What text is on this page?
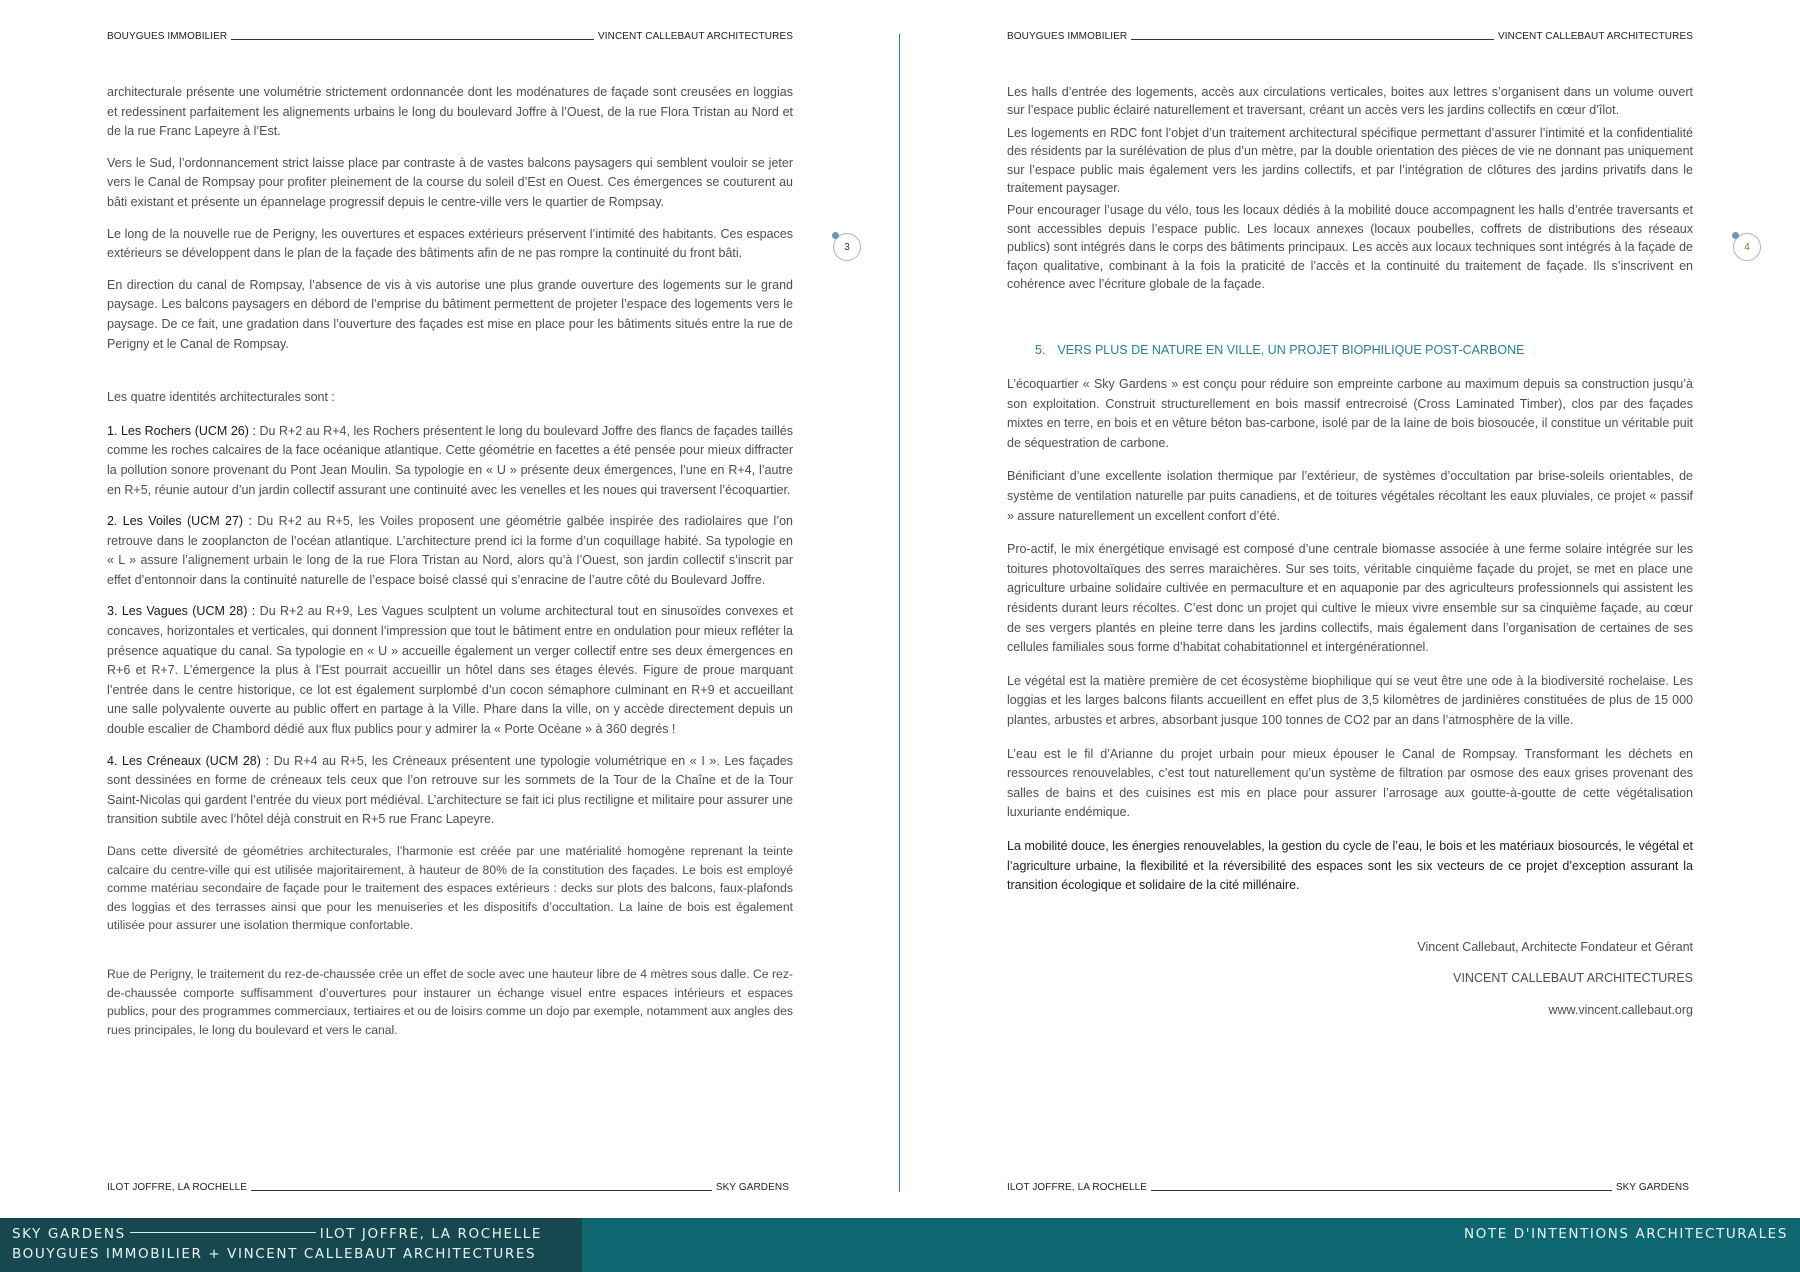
BOUYGUES IMMOBILIER	VINCENT CALLEBAUT ARCHITECTURES

architecturale présente une volumétrie strictement ordonnancée dont les modénatures de façade sont creusées en loggias et redessinent parfaitement les alignements urbains le long du boulevard Joffre à l’Ouest, de la rue Flora Tristan au Nord et de la rue Franc Lapeyre à l’Est.

Vers le Sud, l’ordonnancement strict laisse place par contraste à de vastes balcons paysagers qui semblent vouloir se jeter vers le Canal de Rompsay pour profiter pleinement de la course du soleil d’Est en Ouest. Ces émergences se couturent au bâti existant et présente un épannelage progressif depuis le centre-ville vers le quartier de Rompsay.

Le long de la nouvelle rue de Perigny, les ouvertures et espaces extérieurs préservent l’intimité des habitants. Ces espaces extérieurs se développent dans le plan de la façade des bâtiments afin de ne pas rompre la continuité du front bâti.

En direction du canal de Rompsay, l’absence de vis à vis autorise une plus grande ouverture des logements sur le grand paysage. Les balcons paysagers en débord de l’emprise du bâtiment permettent de projeter l’espace des logements vers le paysage. De ce fait, une gradation dans l’ouverture des façades est mise en place pour les bâtiments situés entre la rue de Perigny et le Canal de Rompsay.

Les quatre identités architecturales sont :

1. Les Rochers (UCM 26) : Du R+2 au R+4, les Rochers présentent le long du boulevard Joffre des flancs de façades taillés comme les roches calcaires de la face océanique atlantique. Cette géométrie en facettes a été pensée pour mieux diffracter la pollution sonore provenant du Pont Jean Moulin. Sa typologie en « U » présente deux émergences, l’une en R+4, l’autre en R+5, réunie autour d’un jardin collectif assurant une continuité avec les venelles et les noues qui traversent l’écoquartier.

2. Les Voiles (UCM 27) : Du R+2 au R+5, les Voiles proposent une géométrie galbée inspirée des radiolaires que l’on retrouve dans le zooplancton de l’océan atlantique. L’architecture prend ici la forme d’un coquillage habité. Sa typologie en « L » assure l’alignement urbain le long de la rue Flora Tristan au Nord, alors qu’à l’Ouest, son jardin collectif s’inscrit par effet d’entonnoir dans la continuité naturelle de l’espace boisé classé qui s’enracine de l’autre côté du Boulevard Joffre.

3. Les Vagues (UCM 28) : Du R+2 au R+9, Les Vagues sculptent un volume architectural tout en sinusoïdes convexes et concaves, horizontales et verticales, qui donnent l’impression que tout le bâtiment entre en ondulation pour mieux refléter la présence aquatique du canal. Sa typologie en « U » accueille également un verger collectif entre ses deux émergences en R+6 et R+7. L’émergence la plus à l’Est pourrait accueillir un hôtel dans ses étages élevés. Figure de proue marquant l’entrée dans le centre historique, ce lot est également surplombé d’un cocon sémaphore culminant en R+9 et accueillant une salle polyvalente ouverte au public offert en partage à la Ville. Phare dans la ville, on y accède directement depuis un double escalier de Chambord dédié aux flux publics pour y admirer la « Porte Océane » à 360 degrés !

4. Les Créneaux (UCM 28) : Du R+4 au R+5, les Créneaux présentent une typologie volumétrique en « I ». Les façades sont dessinées en forme de créneaux tels ceux que l’on retrouve sur les sommets de la Tour de la Chaîne et de la Tour Saint-Nicolas qui gardent l’entrée du vieux port médiéval. L’architecture se fait ici plus rectiligne et militaire pour assurer une transition subtile avec l’hôtel déjà construit en R+5 rue Franc Lapeyre.

Dans cette diversité de géométries architecturales, l’harmonie est créée par une matérialité homogène reprenant la teinte calcaire du centre-ville qui est utilisée majoritairement, à hauteur de 80% de la constitution des façades. Le bois est employé comme matériau secondaire de façade pour le traitement des espaces extérieurs : decks sur plots des balcons, faux-plafonds des loggias et des terrasses ainsi que pour les menuiseries et les dispositifs d’occultation. La laine de bois est également utilisée pour assurer une isolation thermique confortable.

Rue de Perigny, le traitement du rez-de-chaussée crée un effet de socle avec une hauteur libre de 4 mètres sous dalle. Ce rez-de-chaussée comporte suffisamment d’ouvertures pour instaurer un échange visuel entre espaces intérieurs et espaces publics, pour des programmes commerciaux, tertiaires et ou de loisirs comme un dojo par exemple, notamment aux angles des rues principales, le long du boulevard et vers le canal.

3
ILOT JOFFRE, LA ROCHELLE	SKY GARDENS
BOUYGUES IMMOBILIER	VINCENT CALLEBAUT ARCHITECTURES

Les halls d’entrée des logements, accès aux circulations verticales, boites aux lettres s’organisent dans un volume ouvert sur l’espace public éclairé naturellement et traversant, créant un accès vers les jardins collectifs en cœur d’îlot.

Les logements en RDC font l’objet d’un traitement architectural spécifique permettant d’assurer l’intimité et la confidentialité des résidents par la surélévation de plus d’un mètre, par la double orientation des pièces de vie ne donnant pas uniquement sur l’espace public mais également vers les jardins collectifs, et par l’intégration de clôtures des jardins privatifs dans le traitement paysager.

Pour encourager l’usage du vélo, tous les locaux dédiés à la mobilité douce accompagnent les halls d’entrée traversants et sont accessibles depuis l’espace public. Les locaux annexes (locaux poubelles, coffrets de distributions des réseaux publics) sont intégrés dans le corps des bâtiments principaux. Les accès aux locaux techniques sont intégrés à la façade de façon qualitative, combinant à la fois la praticité de l’accès et la continuité du traitement de façade. Ils s’inscrivent en cohérence avec l’écriture globale de la façade.

5. VERS PLUS DE NATURE EN VILLE, UN PROJET BIOPHILIQUE POST-CARBONE

L’écoquartier « Sky Gardens » est conçu pour réduire son empreinte carbone au maximum depuis sa construction jusqu’à son exploitation. Construit structurellement en bois massif entrecroisé (Cross Laminated Timber), clos par des façades mixtes en terre, en bois et en vêture béton bas-carbone, isolé par de la laine de bois biosoucée, il constitue un véritable puit de séquestration de carbone.

Bénificiant d’une excellente isolation thermique par l’extérieur, de systèmes d’occultation par brise-soleils orientables, de système de ventilation naturelle par puits canadiens, et de toitures végétales récoltant les eaux pluviales, ce projet « passif » assure naturellement un excellent confort d’été.

Pro-actif, le mix énergétique envisagé est composé d’une centrale biomasse associée à une ferme solaire intégrée sur les toitures photovoltaïques des serres maraichères. Sur ses toits, véritable cinquième façade du projet, se met en place une agriculture urbaine solidaire cultivée en permaculture et en aquaponie par des agriculteurs professionnels qui assistent les résidents durant leurs récoltes. C’est donc un projet qui cultive le mieux vivre ensemble sur sa cinquième façade, au cœur de ses vergers plantés en pleine terre dans les jardins collectifs, mais également dans l’organisation de certaines de ses cellules familiales sous forme d’habitat cohabitationnel et intergénérationnel.

Le végétal est la matière première de cet écosystème biophilique qui se veut être une ode à la biodiversité rochelaise. Les loggias et les larges balcons filants accueillent en effet plus de 3,5 kilomètres de jardinières constituées de plus de 15 000 plantes, arbustes et arbres, absorbant jusque 100 tonnes de CO2 par an dans l’atmosphère de la ville.

L’eau est le fil d’Arianne du projet urbain pour mieux épouser le Canal de Rompsay. Transformant les déchets en ressources renouvelables, c’est tout naturellement qu’un système de filtration par osmose des eaux grises provenant des salles de bains et des cuisines est mis en place pour assurer l’arrosage aux goutte-à-goutte de cette végétalisation luxuriante endémique.

La mobilité douce, les énergies renouvelables, la gestion du cycle de l’eau, le bois et les matériaux biosourcés, le végétal et l’agriculture urbaine, la flexibilité et la réversibilité des espaces sont les six vecteurs de ce projet d’exception assurant la transition écologique et solidaire de la cité millénaire.

Vincent Callebaut, Architecte Fondateur et Gérant

VINCENT CALLEBAUT ARCHITECTURES

www.vincent.callebaut.org

4
ILOT JOFFRE, LA ROCHELLE	SKY GARDENS
SKY GARDENS	ILOT JOFFRE, LA ROCHELLE
BOUYGUES IMMOBILIER + VINCENT CALLEBAUT ARCHITECTURES
NOTE D'INTENTIONS ARCHITECTURALES
